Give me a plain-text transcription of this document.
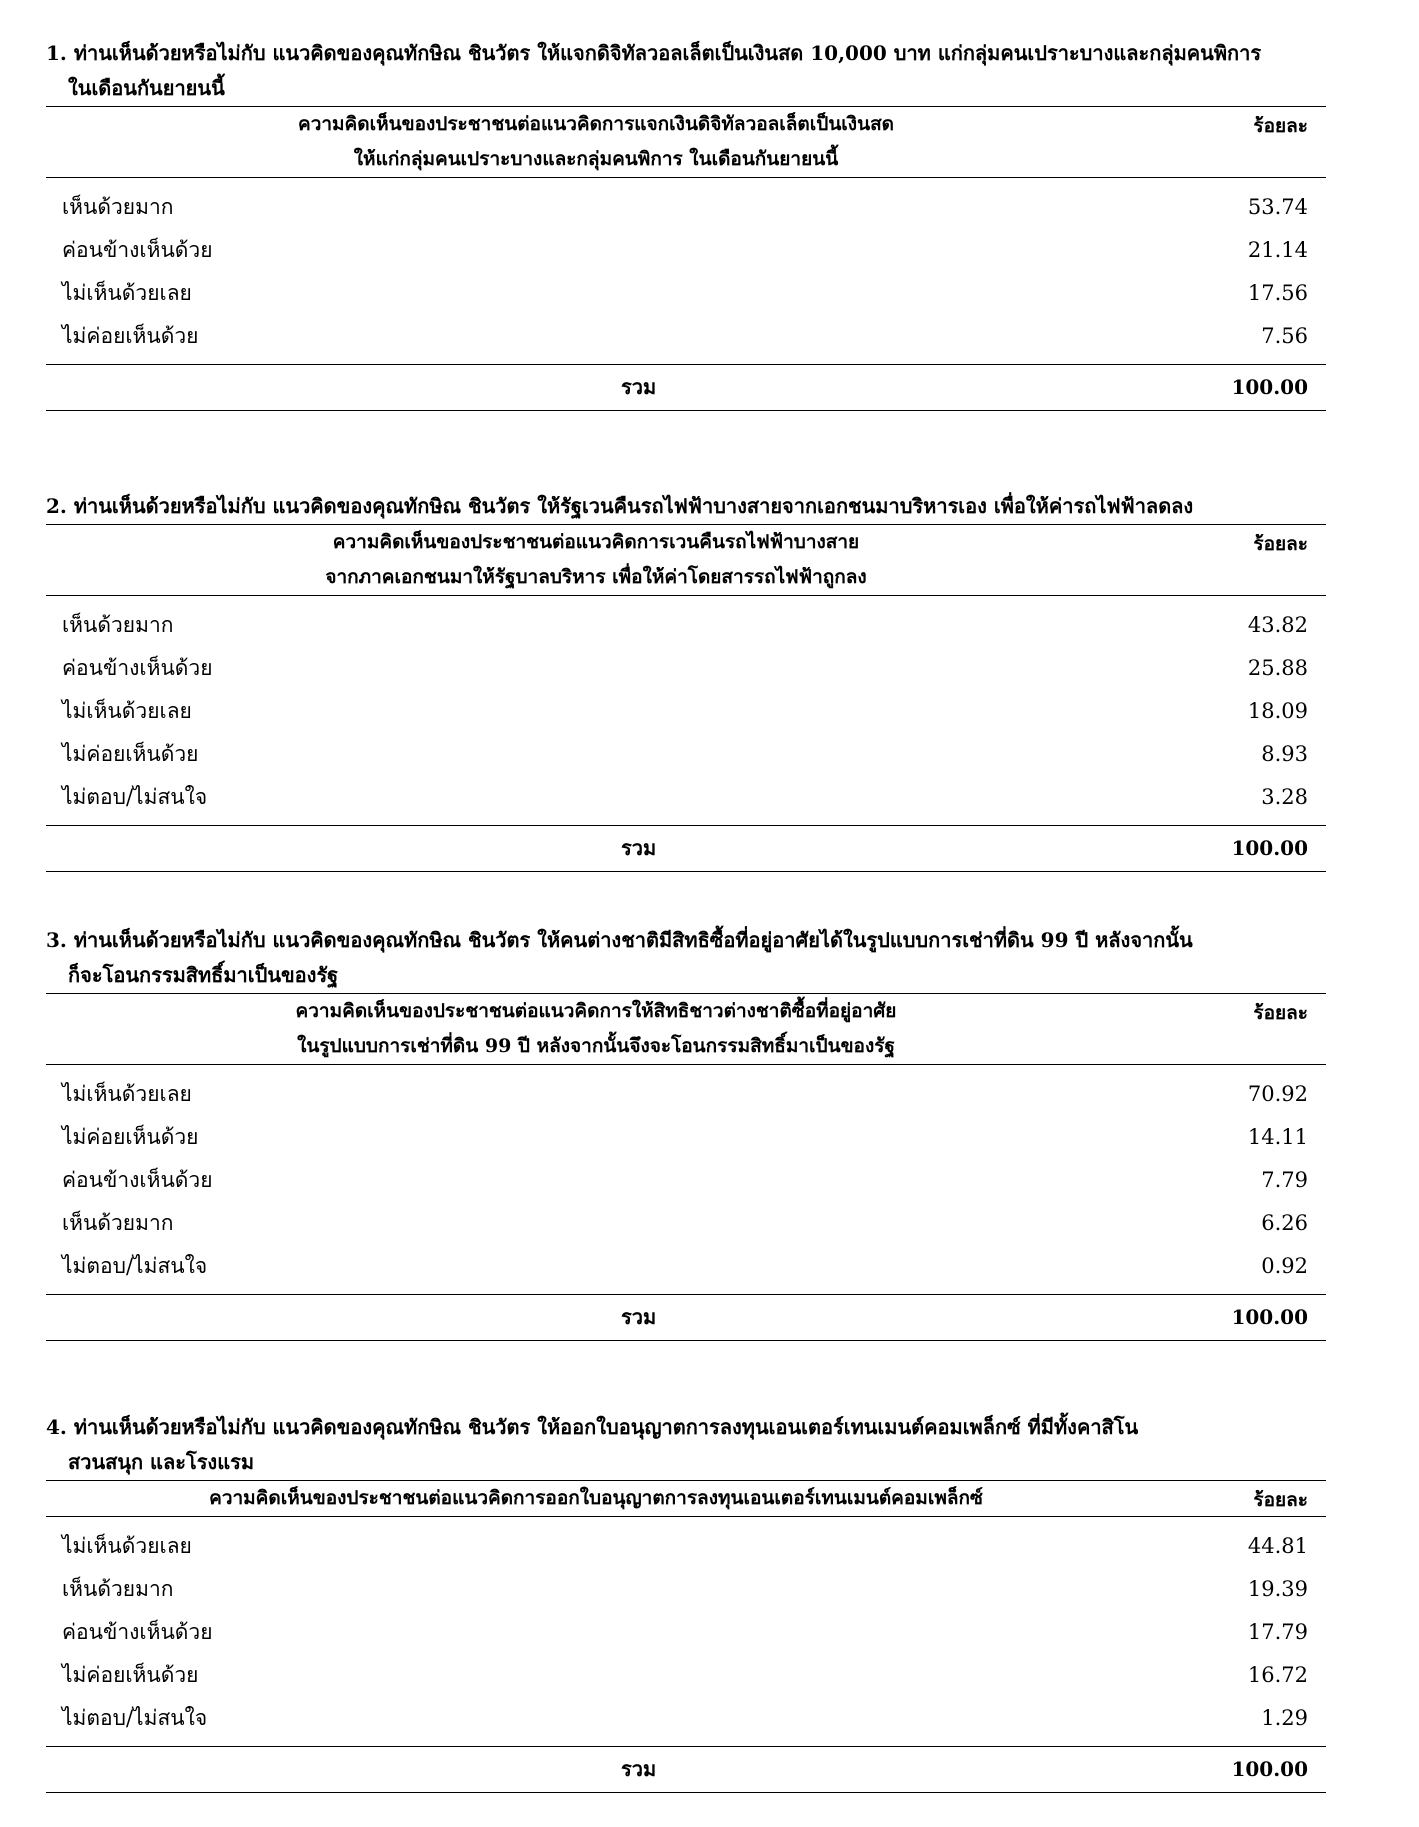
1. ท่านเห็นด้วยหรือไม่กับ แนวคิดของคุณทักษิณ ชินวัตร ให้แจกดิจิทัลวอลเล็ตเป็นเงินสด 10,000 บาท แก่กลุ่มคนเปราะบางและกลุ่มคนพิการ
ในเดือนกันยายนนี้
ความคิดเห็นของประชาชนต่อแนวคิดการแจกเงินดิจิทัลวอลเล็ตเป็นเงินสด
ให้แก่กลุ่มคนเปราะบางและกลุ่มคนพิการ ในเดือนกันยายนนี้
ร้อยละ
เห็นด้วยมาก	53.74
ค่อนข้างเห็นด้วย	21.14
ไม่เห็นด้วยเลย	17.56
ไม่ค่อยเห็นด้วย	7.56
รวม	100.00
2. ท่านเห็นด้วยหรือไม่กับ แนวคิดของคุณทักษิณ ชินวัตร ให้รัฐเวนคืนรถไฟฟ้าบางสายจากเอกชนมาบริหารเอง เพื่อให้ค่ารถไฟฟ้าลดลง
ความคิดเห็นของประชาชนต่อแนวคิดการเวนคืนรถไฟฟ้าบางสาย
จากภาคเอกชนมาให้รัฐบาลบริหาร เพื่อให้ค่าโดยสารรถไฟฟ้าถูกลง
ร้อยละ
เห็นด้วยมาก	43.82
ค่อนข้างเห็นด้วย	25.88
ไม่เห็นด้วยเลย	18.09
ไม่ค่อยเห็นด้วย	8.93
ไม่ตอบ/ไม่สนใจ	3.28
รวม	100.00
3. ท่านเห็นด้วยหรือไม่กับ แนวคิดของคุณทักษิณ ชินวัตร ให้คนต่างชาติมีสิทธิซื้อที่อยู่อาศัยได้ในรูปแบบการเช่าที่ดิน 99 ปี หลังจากนั้น
ก็จะโอนกรรมสิทธิ์มาเป็นของรัฐ
ความคิดเห็นของประชาชนต่อแนวคิดการให้สิทธิชาวต่างชาติซื้อที่อยู่อาศัย
ในรูปแบบการเช่าที่ดิน 99 ปี หลังจากนั้นจึงจะโอนกรรมสิทธิ์มาเป็นของรัฐ
ร้อยละ
ไม่เห็นด้วยเลย	70.92
ไม่ค่อยเห็นด้วย	14.11
ค่อนข้างเห็นด้วย	7.79
เห็นด้วยมาก	6.26
ไม่ตอบ/ไม่สนใจ	0.92
รวม	100.00
4. ท่านเห็นด้วยหรือไม่กับ แนวคิดของคุณทักษิณ ชินวัตร ให้ออกใบอนุญาตการลงทุนเอนเตอร์เทนเมนต์คอมเพล็กซ์ ที่มีทั้งคาสิโน
สวนสนุก และโรงแรม
ความคิดเห็นของประชาชนต่อแนวคิดการออกใบอนุญาตการลงทุนเอนเตอร์เทนเมนต์คอมเพล็กซ์	ร้อยละ
ไม่เห็นด้วยเลย	44.81
เห็นด้วยมาก	19.39
ค่อนข้างเห็นด้วย	17.79
ไม่ค่อยเห็นด้วย	16.72
ไม่ตอบ/ไม่สนใจ	1.29
รวม	100.00
